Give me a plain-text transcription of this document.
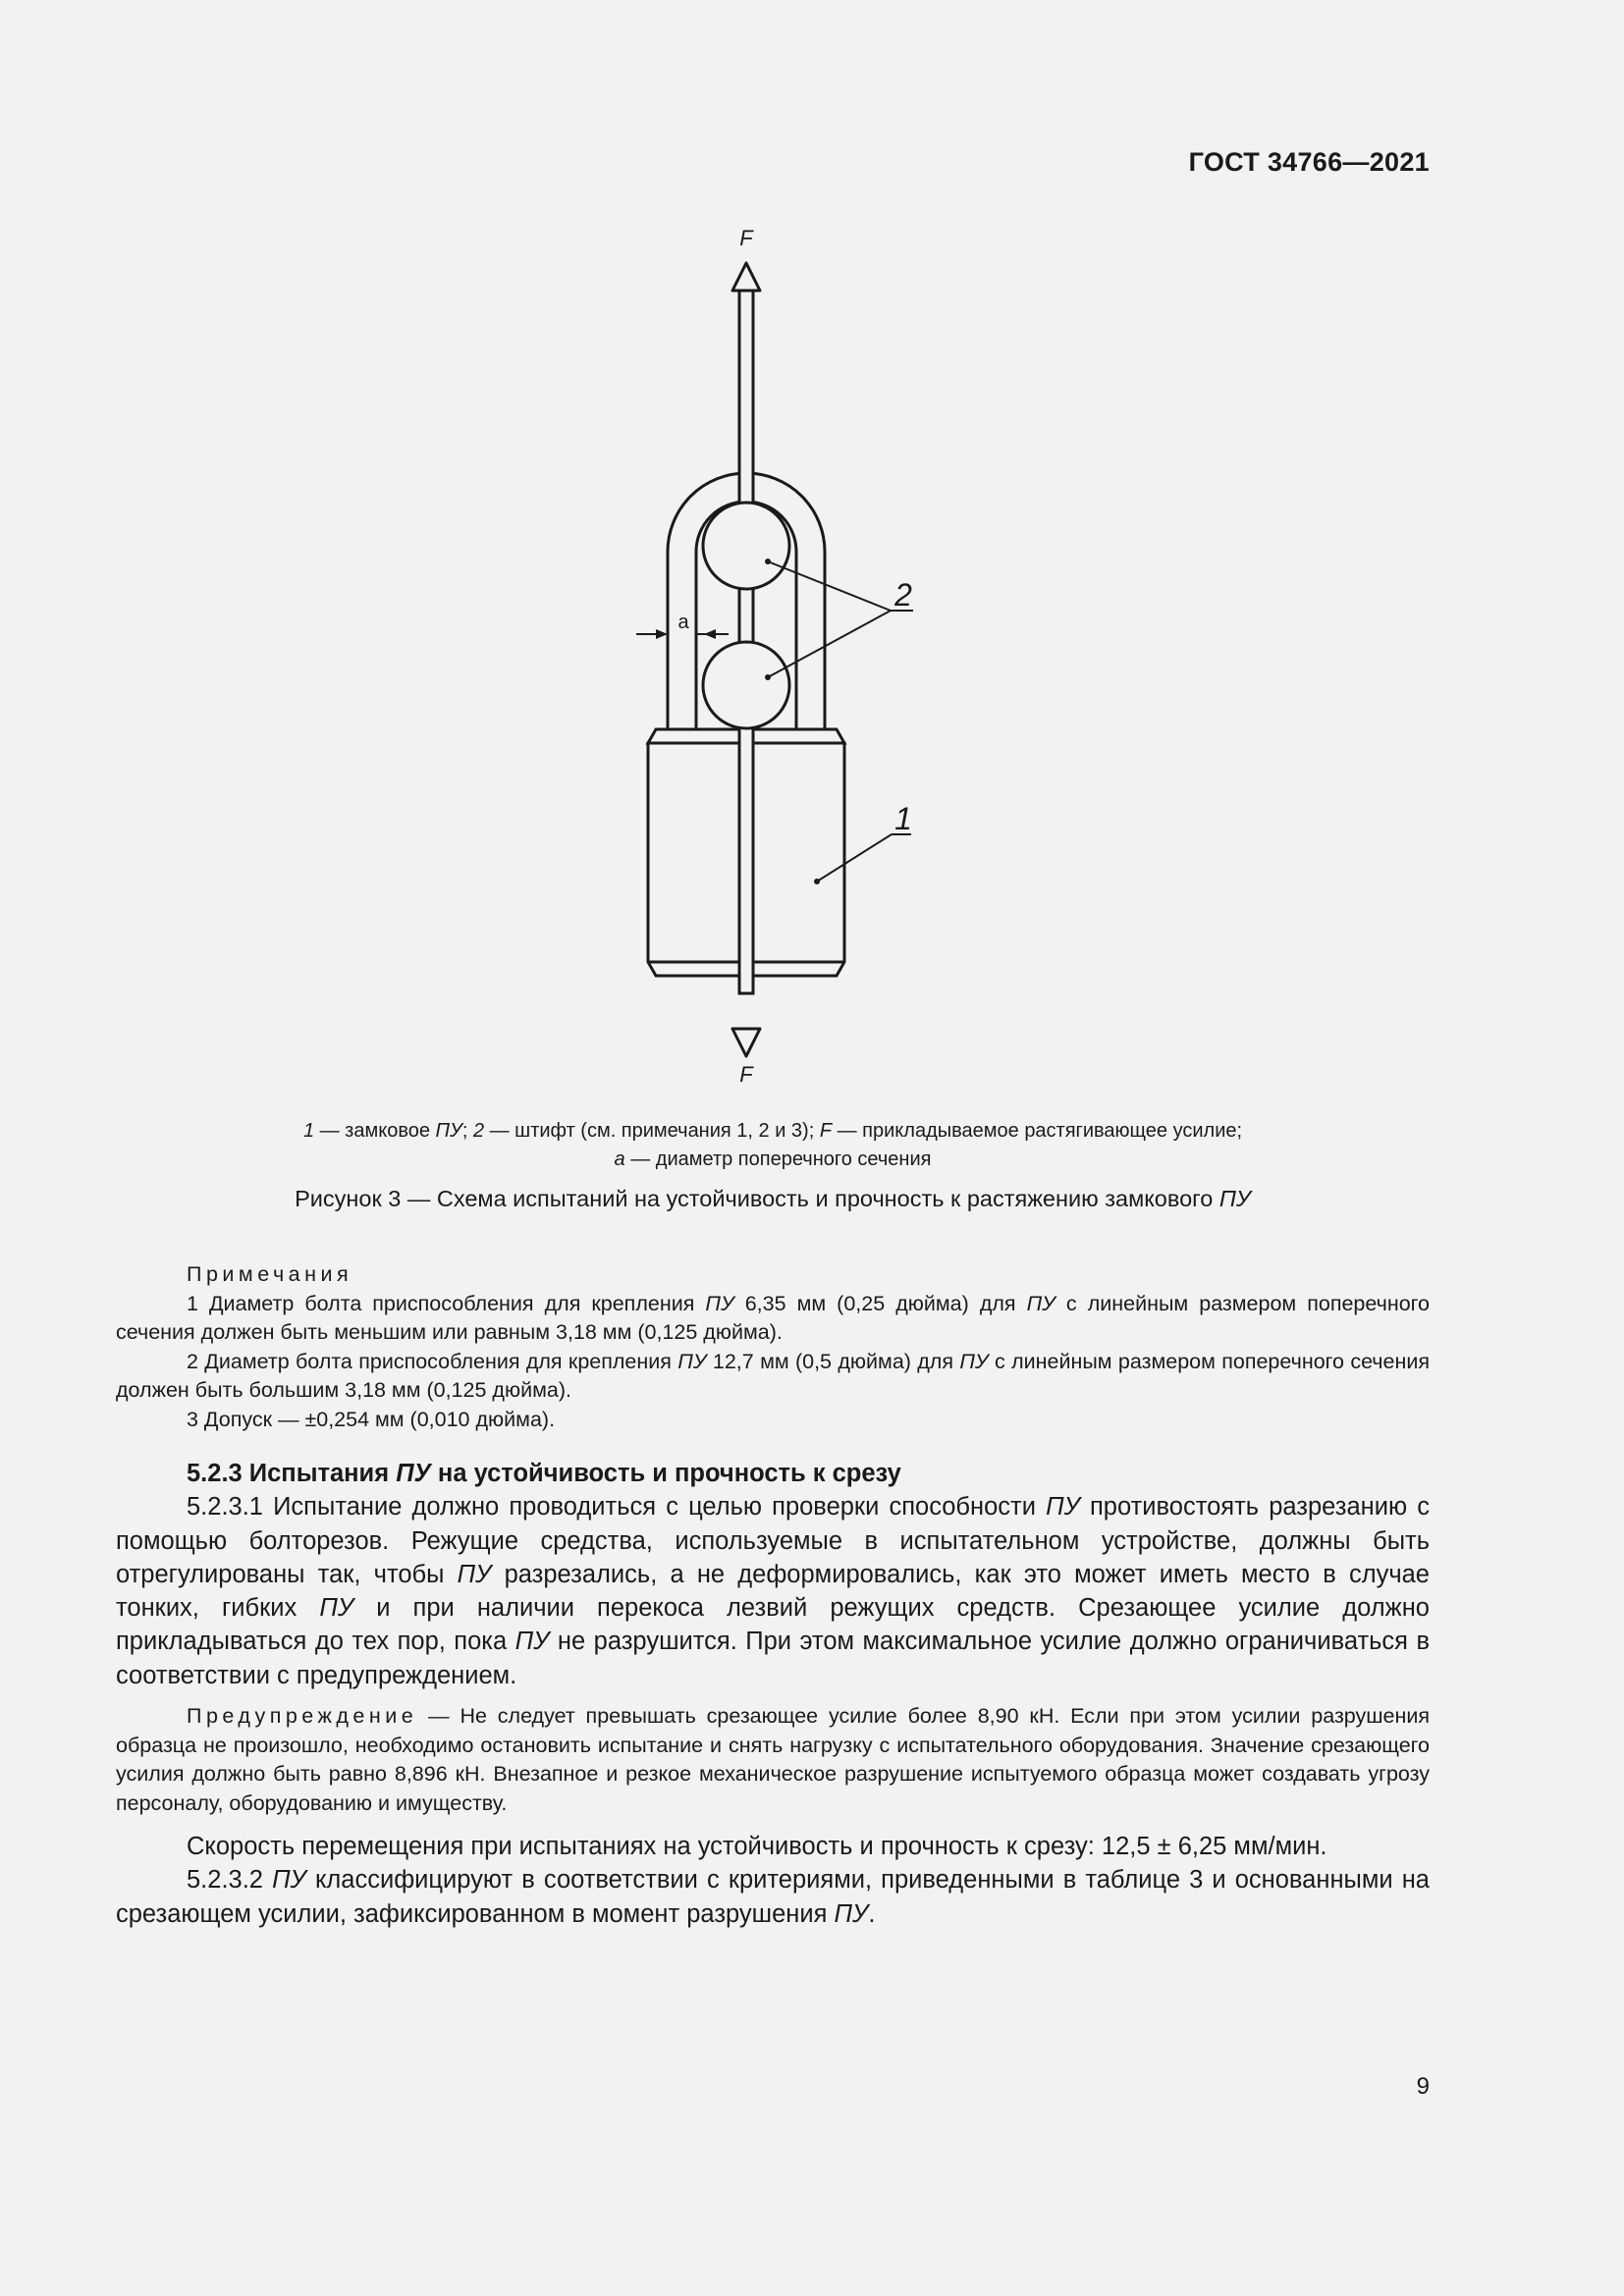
ГОСТ 34766—2021
F
F
a
2
1
1 — замковое ПУ; 2 — штифт (см. примечания 1, 2 и 3); F — прикладываемое растягивающее усилие;
a — диаметр поперечного сечения
Рисунок 3 — Схема испытаний на устойчивость и прочность к растяжению замкового ПУ

Примечания

1 Диаметр болта приспособления для крепления ПУ 6,35 мм (0,25 дюйма) для ПУ с линейным размером поперечного сечения должен быть меньшим или равным 3,18 мм (0,125 дюйма).

2 Диаметр болта приспособления для крепления ПУ 12,7 мм (0,5 дюйма) для ПУ с линейным размером поперечного сечения должен быть большим 3,18 мм (0,125 дюйма).

3 Допуск — ±0,254 мм (0,010 дюйма).

5.2.3 Испытания ПУ на устойчивость и прочность к срезу

5.2.3.1 Испытание должно проводиться с целью проверки способности ПУ противостоять разрезанию с помощью болторезов. Режущие средства, используемые в испытательном устройстве, должны быть отрегулированы так, чтобы ПУ разрезались, а не деформировались, как это может иметь место в случае тонких, гибких ПУ и при наличии перекоса лезвий режущих средств. Срезающее усилие должно прикладываться до тех пор, пока ПУ не разрушится. При этом максимальное усилие должно ограничиваться в соответствии с предупреждением.

Предупреждение — Не следует превышать срезающее усилие более 8,90 кН. Если при этом усилии разрушения образца не произошло, необходимо остановить испытание и снять нагрузку с испытательного оборудования. Значение срезающего усилия должно быть равно 8,896 кН. Внезапное и резкое механическое разрушение испытуемого образца может создавать угрозу персоналу, оборудованию и имуществу.

Скорость перемещения при испытаниях на устойчивость и прочность к срезу: 12,5 ± 6,25 мм/мин.

5.2.3.2 ПУ классифицируют в соответствии с критериями, приведенными в таблице 3 и основанными на срезающем усилии, зафиксированном в момент разрушения ПУ.

9
